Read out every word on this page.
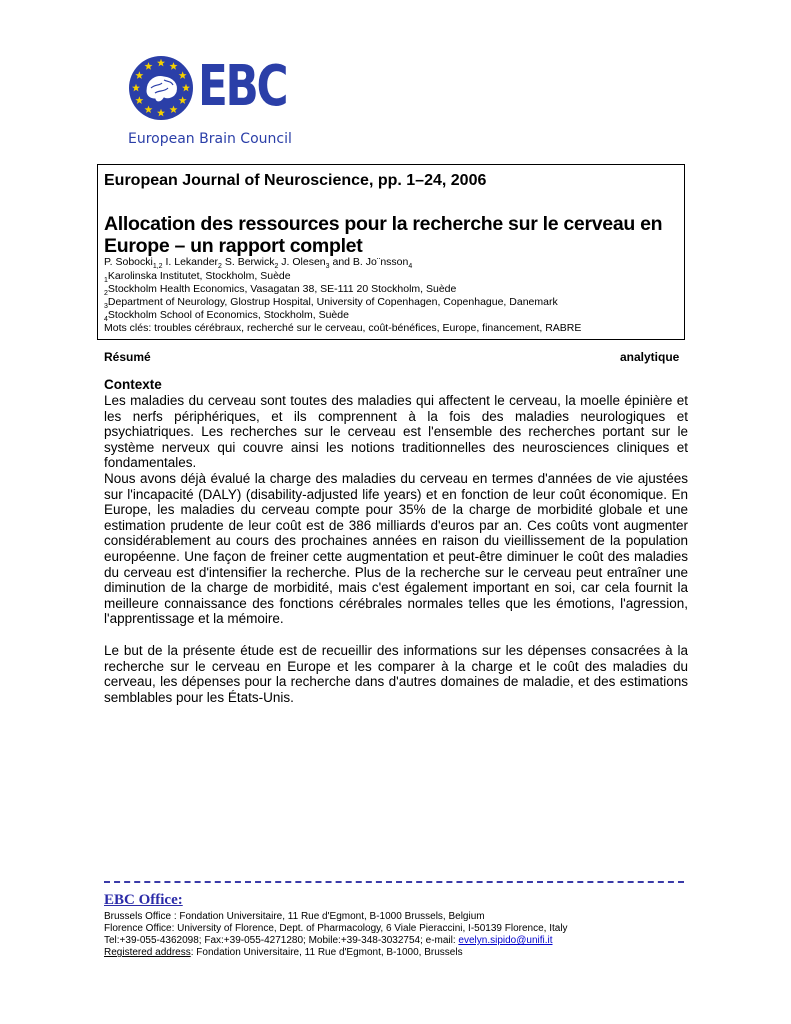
EBC
European Brain Council
European Journal of Neuroscience, pp. 1–24, 2006
Allocation des ressources pour la recherche sur le cerveau en Europe – un rapport complet
P. Sobocki$_{1,2}$ I. Lekander$_2$ S. Berwick$_2$ J. Olesen$_3$ and B. Jo¨nsson$_4$
$_1$Karolinska Institutet, Stockholm, Suède
$_2$Stockholm Health Economics, Vasagatan 38, SE-111 20 Stockholm, Suède
$_3$Department of Neurology, Glostrup Hospital, University of Copenhagen, Copenhague, Danemark
$_4$Stockholm School of Economics, Stockholm, Suède
Mots clés: troubles cérébraux, recherché sur le cerveau, coût-bénéfices, Europe, financement, RABRE
Résumé	analytique
Contexte
Les maladies du cerveau sont toutes des maladies qui affectent le cerveau, la moelle épinière et les nerfs périphériques, et ils comprennent à la fois des maladies neurologiques et psychiatriques. Les recherches sur le cerveau est l'ensemble des recherches portant sur le système nerveux qui couvre ainsi les notions traditionnelles des neurosciences cliniques et fondamentales.
Nous avons déjà évalué la charge des maladies du cerveau en termes d'années de vie ajustées sur l'incapacité (DALY) (disability-adjusted life years) et en fonction de leur coût économique. En Europe, les maladies du cerveau compte pour 35% de la charge de morbidité globale et une estimation prudente de leur coût est de 386 milliards d'euros par an. Ces coûts vont augmenter considérablement au cours des prochaines années en raison du vieillissement de la population européenne. Une façon de freiner cette augmentation et peut-être diminuer le coût des maladies du cerveau est d'intensifier la recherche. Plus de la recherche sur le cerveau peut entraîner une diminution de la charge de morbidité, mais c'est également important en soi, car cela fournit la meilleure connaissance des fonctions cérébrales normales telles que les émotions, l'agression, l'apprentissage et la mémoire.
Le but de la présente étude est de recueillir des informations sur les dépenses consacrées à la recherche sur le cerveau en Europe et les comparer à la charge et le coût des maladies du cerveau, les dépenses pour la recherche dans d'autres domaines de maladie, et des estimations semblables pour les États-Unis.
EBC Office:
Brussels Office : Fondation Universitaire, 11 Rue d'Egmont, B-1000 Brussels, Belgium
Florence Office: University of Florence, Dept. of Pharmacology, 6 Viale Pieraccini, I-50139 Florence, Italy
Tel:+39-055-4362098; Fax:+39-055-4271280; Mobile:+39-348-3032754; e-mail: evelyn.sipido@unifi.it
Registered address: Fondation Universitaire, 11 Rue d'Egmont, B-1000, Brussels
